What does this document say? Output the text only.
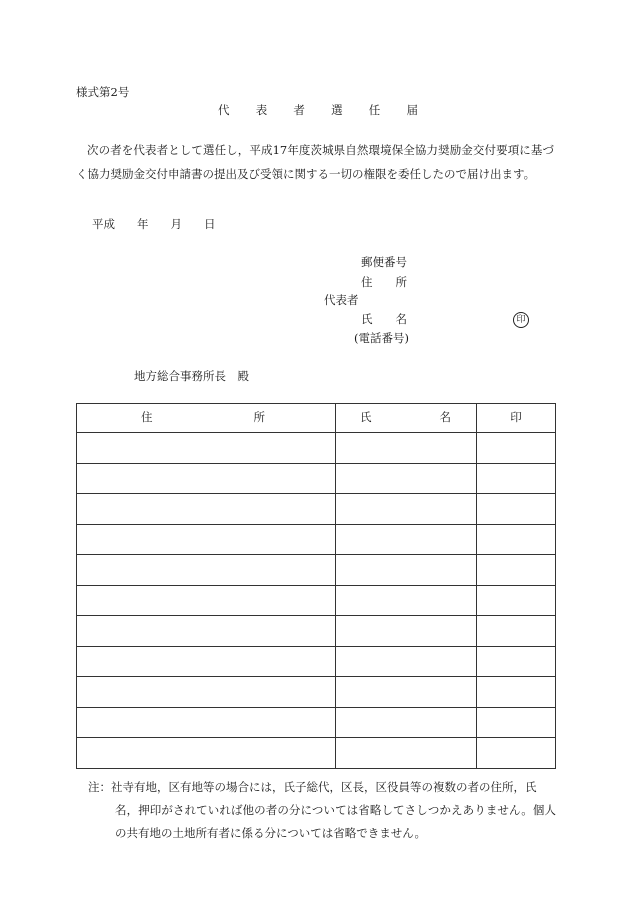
様式第2号
代 表 者 選 任 届
次の者を代表者として選任し，平成17年度茨城県自然環境保全協力奨励金交付要項に基づく協力奨励金交付申請書の提出及び受領に関する一切の権限を委任したので届け出ます。
平成 年 月 日
郵便番号
住 所
代表者
氏 名	印
(電話番号)
地方総合事務所長　殿
住 所	氏 名	印

注：社寺有地，区有地等の場合には，氏子総代，区長，区役員等の複数の者の住所，氏
名，押印がされていれば他の者の分については省略してさしつかえありません。個人の共有地の土地所有者に係る分については省略できません。
